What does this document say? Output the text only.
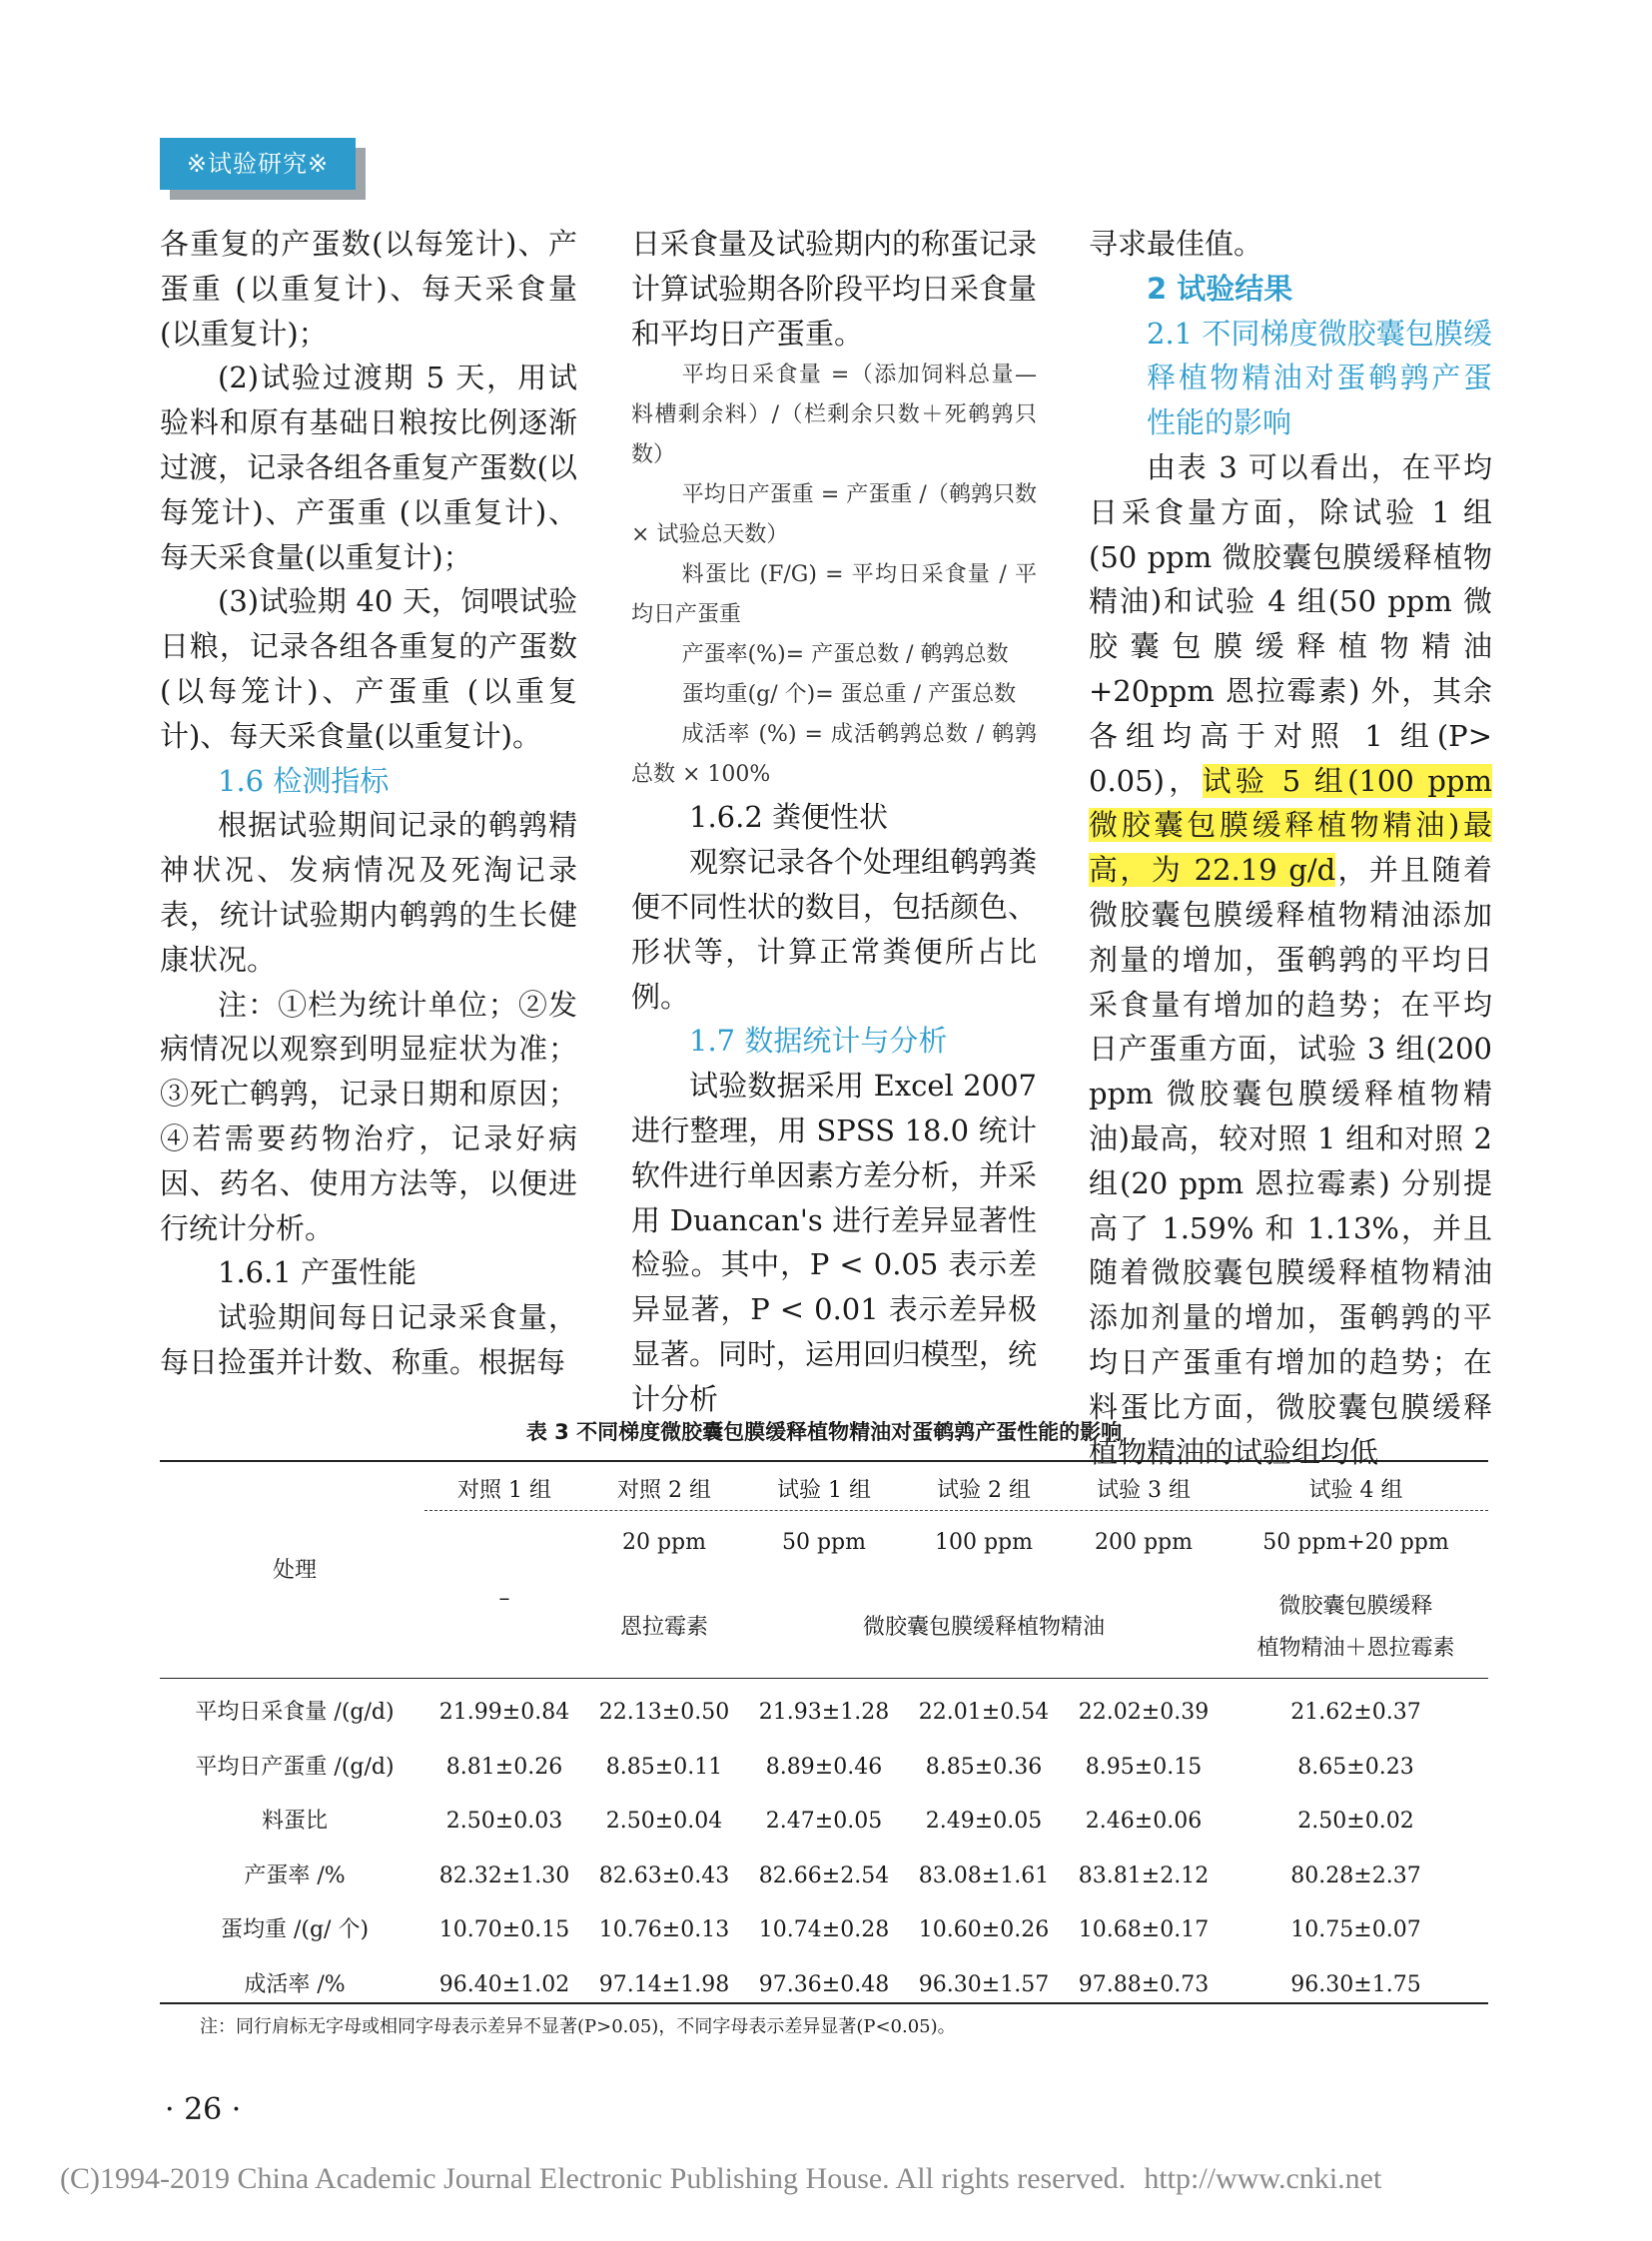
※试验研究※

各重复的产蛋数(以每笼计)、产蛋重 (以重复计)、每天采食量(以重复计)；

(2)试验过渡期 5 天，用试验料和原有基础日粮按比例逐渐过渡，记录各组各重复产蛋数(以每笼计)、产蛋重 (以重复计)、每天采食量(以重复计)；

(3)试验期 40 天，饲喂试验日粮，记录各组各重复的产蛋数(以每笼计)、产蛋重 (以重复计)、每天采食量(以重复计)。

1.6 检测指标

根据试验期间记录的鹌鹑精神状况、发病情况及死淘记录表，统计试验期内鹌鹑的生长健康状况。

注：①栏为统计单位；②发病情况以观察到明显症状为准；③死亡鹌鹑，记录日期和原因；④若需要药物治疗，记录好病因、药名、使用方法等，以便进行统计分析。

1.6.1 产蛋性能

试验期间每日记录采食量，每日捡蛋并计数、称重。根据每

日采食量及试验期内的称蛋记录计算试验期各阶段平均日采食量和平均日产蛋重。

平均日采食量 =（添加饲料总量—料槽剩余料）/（栏剩余只数＋死鹌鹑只数）

平均日产蛋重 = 产蛋重 /（鹌鹑只数 × 试验总天数）

料蛋比 (F/G) = 平均日采食量 / 平均日产蛋重

产蛋率(%)= 产蛋总数 / 鹌鹑总数

蛋均重(g/ 个)= 蛋总重 / 产蛋总数

成活率 (%) = 成活鹌鹑总数 / 鹌鹑总数 × 100%

1.6.2 粪便性状

观察记录各个处理组鹌鹑粪便不同性状的数目，包括颜色、形状等，计算正常粪便所占比例。

1.7 数据统计与分析

试验数据采用 Excel 2007 进行整理，用 SPSS 18.0 统计软件进行单因素方差分析，并采用 Duancan's 进行差异显著性检验。其中，P < 0.05 表示差异显著，P < 0.01 表示差异极显著。同时，运用回归模型，统计分析

寻求最佳值。

2 试验结果

2.1 不同梯度微胶囊包膜缓释植物精油对蛋鹌鹑产蛋性能的影响

由表 3 可以看出，在平均日采食量方面，除试验 1 组(50 ppm 微胶囊包膜缓释植物精油)和试验 4 组(50 ppm 微胶囊包膜缓释植物精油 +20ppm 恩拉霉素) 外，其余各组均高于对照 1 组(P> 0.05)，试验 5 组(100 ppm 微胶囊包膜缓释植物精油)最高，为 22.19 g/d，并且随着微胶囊包膜缓释植物精油添加剂量的增加，蛋鹌鹑的平均日采食量有增加的趋势；在平均日产蛋重方面，试验 3 组(200 ppm 微胶囊包膜缓释植物精油)最高，较对照 1 组和对照 2 组(20 ppm 恩拉霉素) 分别提高了 1.59% 和 1.13%，并且随着微胶囊包膜缓释植物精油添加剂量的增加，蛋鹌鹑的平均日产蛋重有增加的趋势；在料蛋比方面，微胶囊包膜缓释植物精油的试验组均低

表 3 不同梯度微胶囊包膜缓释植物精油对蛋鹌鹑产蛋性能的影响
处理
对照 1 组	对照 2 组	试验 1 组	试验 2 组	试验 3 组	试验 4 组
–
20 ppm	50 ppm	100 ppm	200 ppm	50 ppm+20 ppm
恩拉霉素	微胶囊包膜缓释植物精油
微胶囊包膜缓释
植物精油＋恩拉霉素
平均日采食量 /(g/d)	21.99±0.84	22.13±0.50	21.93±1.28	22.01±0.54	22.02±0.39	21.62±0.37
平均日产蛋重 /(g/d)	8.81±0.26	8.85±0.11	8.89±0.46	8.85±0.36	8.95±0.15	8.65±0.23
料蛋比	2.50±0.03	2.50±0.04	2.47±0.05	2.49±0.05	2.46±0.06	2.50±0.02
产蛋率 /%	82.32±1.30	82.63±0.43	82.66±2.54	83.08±1.61	83.81±2.12	80.28±2.37
蛋均重 /(g/ 个)	10.70±0.15	10.76±0.13	10.74±0.28	10.60±0.26	10.68±0.17	10.75±0.07
成活率 /%	96.40±1.02	97.14±1.98	97.36±0.48	96.30±1.57	97.88±0.73	96.30±1.75
注：同行肩标无字母或相同字母表示差异不显著(P>0.05)，不同字母表示差异显著(P<0.05)。
· 26 ·
(C)1994-2019 China Academic Journal Electronic Publishing House. All rights reserved. http://www.cnki.net
